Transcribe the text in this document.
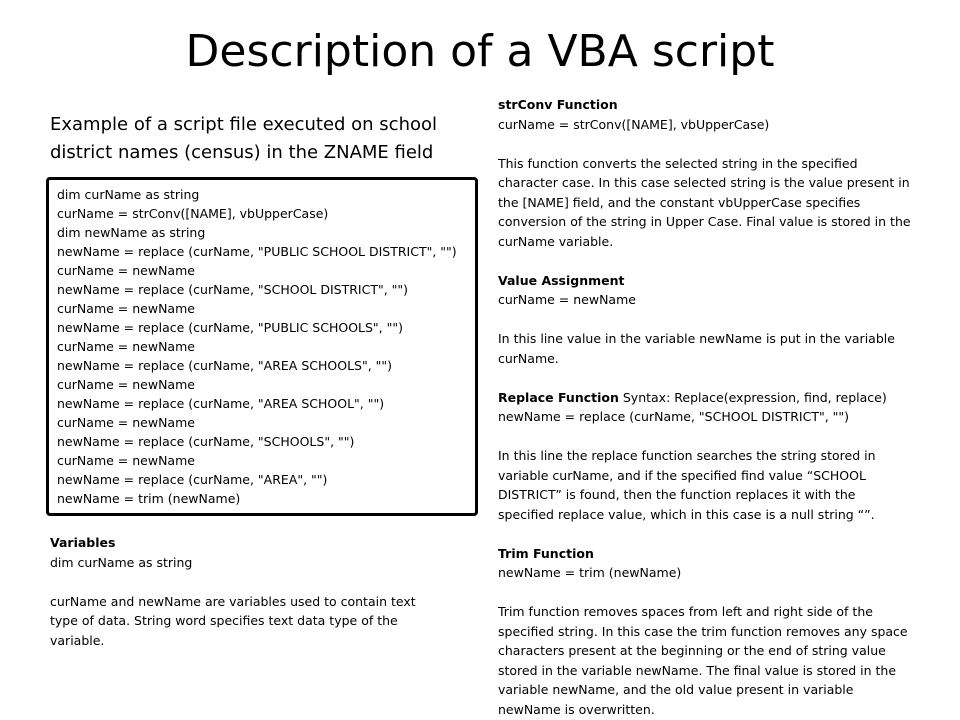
Description of a VBA script
Example of a script file executed on school
district names (census) in the ZNAME field
dim curName as string
curName = strConv([NAME], vbUpperCase)
dim newName as string
newName = replace (curName, "PUBLIC SCHOOL DISTRICT", "")
curName = newName
newName = replace (curName, "SCHOOL DISTRICT", "")
curName = newName
newName = replace (curName, "PUBLIC SCHOOLS", "")
curName = newName
newName = replace (curName, "AREA SCHOOLS", "")
curName = newName
newName = replace (curName, "AREA SCHOOL", "")
curName = newName
newName = replace (curName, "SCHOOLS", "")
curName = newName
newName = replace (curName, "AREA", "")
newName = trim (newName)
Variables
dim curName as string
curName and newName are variables used to contain text
type of data. String word specifies text data type of the
variable.
strConv Function
curName = strConv([NAME], vbUpperCase)
This function converts the selected string in the specified
character case. In this case selected string is the value present in
the [NAME] field, and the constant vbUpperCase specifies
conversion of the string in Upper Case. Final value is stored in the
curName variable.
Value Assignment
curName = newName
In this line value in the variable newName is put in the variable
curName.
Replace Function Syntax: Replace(expression, find, replace)
newName = replace (curName, "SCHOOL DISTRICT", "")
In this line the replace function searches the string stored in
variable curName, and if the specified find value “SCHOOL
DISTRICT” is found, then the function replaces it with the
specified replace value, which in this case is a null string “”.
Trim Function
newName = trim (newName)
Trim function removes spaces from left and right side of the
specified string. In this case the trim function removes any space
characters present at the beginning or the end of string value
stored in the variable newName. The final value is stored in the
variable newName, and the old value present in variable
newName is overwritten.
